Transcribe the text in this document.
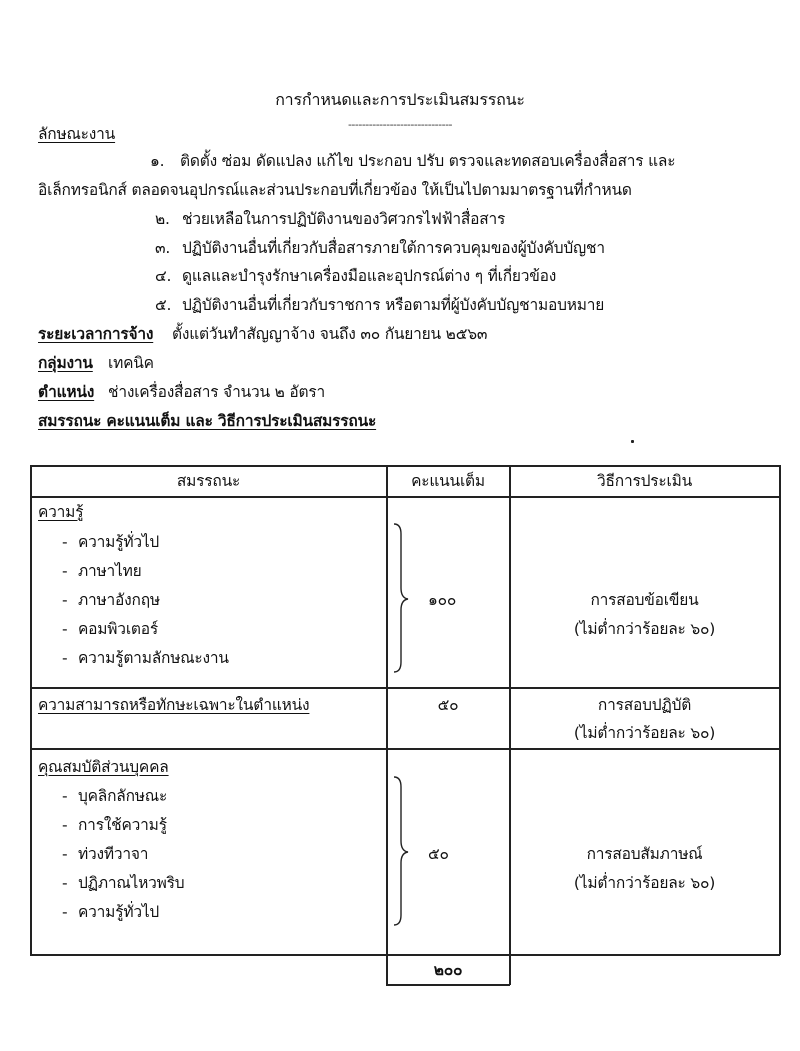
การกำหนดและการประเมินสมรรถนะ
------------------------------
ลักษณะงาน
๑. ติดตั้ง ซ่อม ดัดแปลง แก้ไข ประกอบ ปรับ ตรวจและทดสอบเครื่องสื่อสาร และ
อิเล็กทรอนิกส์ ตลอดจนอุปกรณ์และส่วนประกอบที่เกี่ยวข้อง ให้เป็นไปตามมาตรฐานที่กำหนด
๒. ช่วยเหลือในการปฏิบัติงานของวิศวกรไฟฟ้าสื่อสาร
๓. ปฏิบัติงานอื่นที่เกี่ยวกับสื่อสารภายใต้การควบคุมของผู้บังคับบัญชา
๔. ดูแลและบำรุงรักษาเครื่องมือและอุปกรณ์ต่าง ๆ ที่เกี่ยวข้อง
๕. ปฏิบัติงานอื่นที่เกี่ยวกับราชการ หรือตามที่ผู้บังคับบัญชามอบหมาย
ระยะเวลาการจ้าง ตั้งแต่วันทำสัญญาจ้าง จนถึง ๓๐ กันยายน ๒๕๖๓
กลุ่มงาน เทคนิค
ตำแหน่ง ช่างเครื่องสื่อสาร จำนวน ๒ อัตรา
สมรรถนะ คะแนนเต็ม และ วิธีการประเมินสมรรถนะ
สมรรถนะ	คะแนนเต็ม	วิธีการประเมิน
ความรู้
- ความรู้ทั่วไป
- ภาษาไทย
- ภาษาอังกฤษ
- คอมพิวเตอร์
- ความรู้ตามลักษณะงาน
๑๐๐	การสอบข้อเขียน
(ไม่ต่ำกว่าร้อยละ ๖๐)
ความสามารถหรือทักษะเฉพาะในตำแหน่ง	๕๐	การสอบปฏิบัติ
(ไม่ต่ำกว่าร้อยละ ๖๐)
คุณสมบัติส่วนบุคคล
- บุคลิกลักษณะ
- การใช้ความรู้
- ท่วงทีวาจา
- ปฏิภาณไหวพริบ
- ความรู้ทั่วไป
๕๐	การสอบสัมภาษณ์
(ไม่ต่ำกว่าร้อยละ ๖๐)
๒๐๐
